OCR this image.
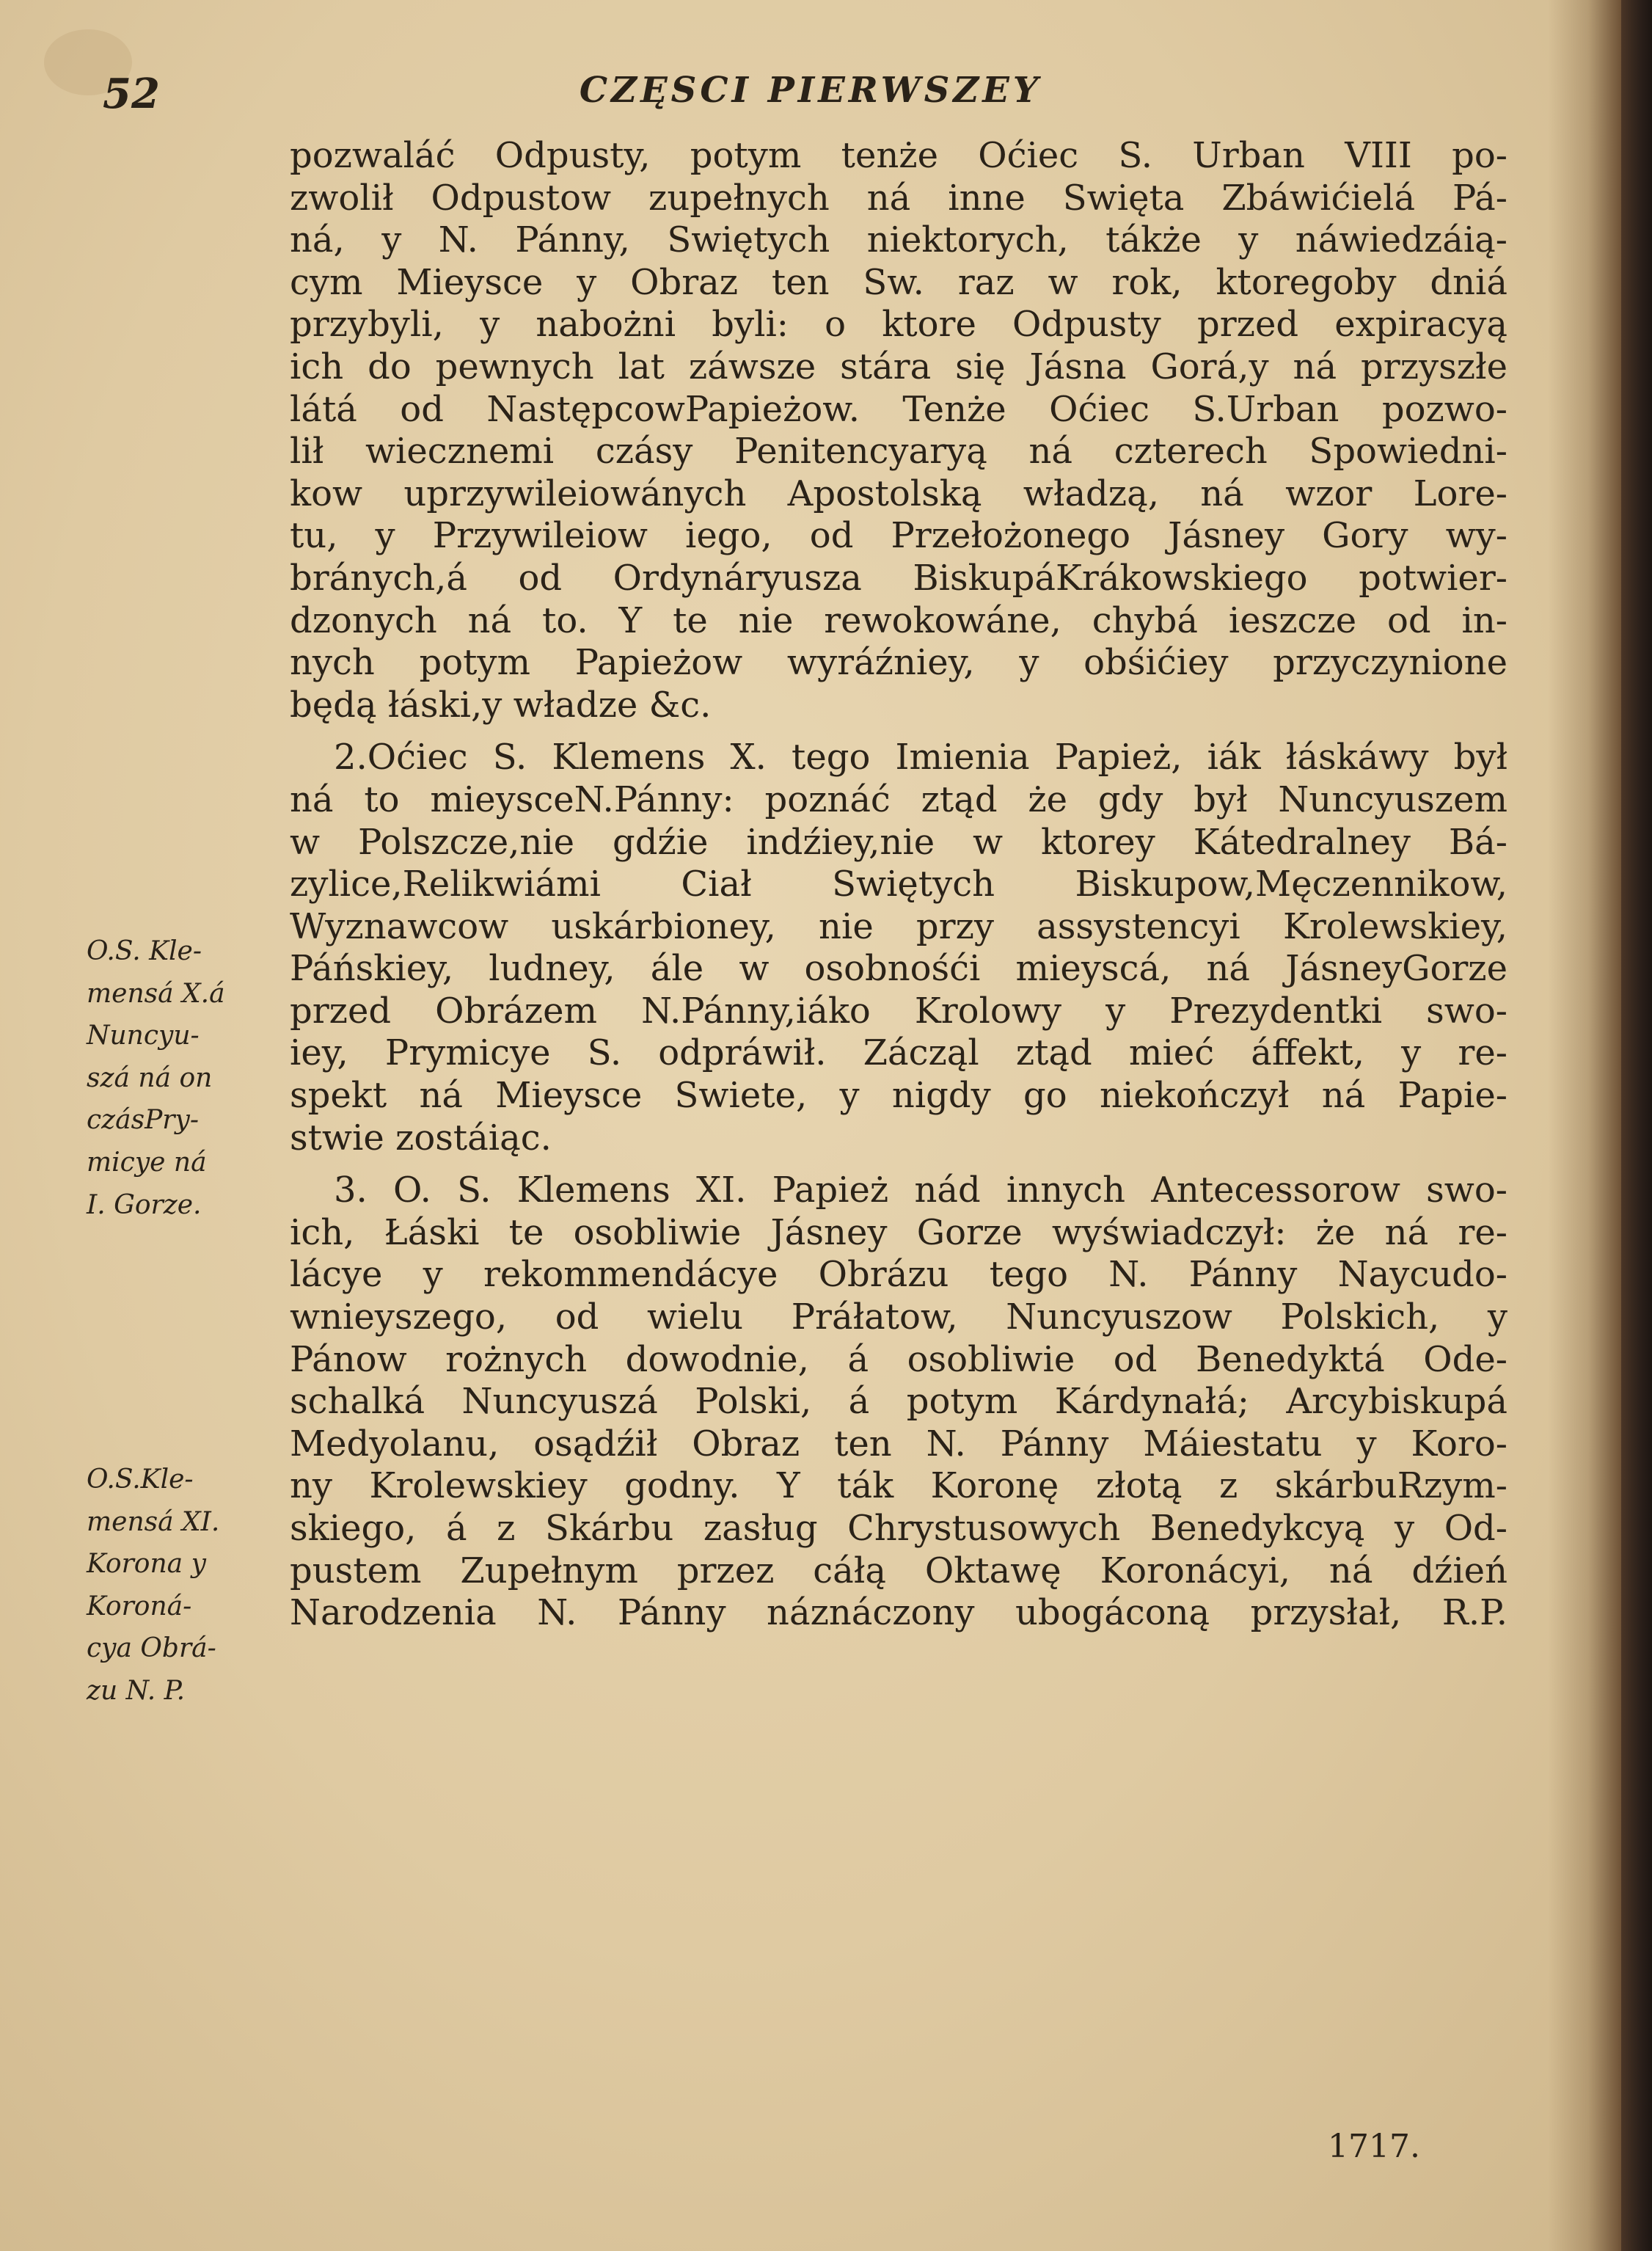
52	CZĘSCI PIERWSZEY
pozwaláć Odpusty, potym tenże Oćiec S. Urban VIII po-
zwolił Odpustow zupełnych ná inne Swięta Zbáwićielá Pá-
ná, y N. Pánny, Swiętych niektorych, tákże y náwiedzáią-
cym Mieysce y Obraz ten Sw. raz w rok, ktoregoby dniá
przybyli, y nabożni byli: o ktore Odpusty przed expiracyą
ich do pewnych lat záwsze stára się Jásna Gorá,y ná przyszłe
látá od NastępcowPapieżow. Tenże Oćiec S.Urban pozwo-
lił wiecznemi czásy Penitencyaryą ná czterech Spowiedni-
kow uprzywileiowánych Apostolską władzą, ná wzor Lore-
tu, y Przywileiow iego, od Przełożonego Jásney Gory wy-
bránych,á od Ordynáryusza BiskupáKrákowskiego potwier-
dzonych ná to. Y te nie rewokowáne, chybá ieszcze od in-
nych potym Papieżow wyráźniey, y obśićiey przyczynione
będą łáski,y władze &c.
2.Oćiec S. Klemens X. tego Imienia Papież, iák łáskáwy był
ná to mieysceN.Pánny: poznáć ztąd że gdy był Nuncyuszem
w Polszcze,nie gdźie indźiey,nie w ktorey Kátedralney Bá-
zylice,Relikwiámi Ciał Swiętych Biskupow,Męczennikow,
Wyznawcow uskárbioney, nie przy assystencyi Krolewskiey,
Páńskiey, ludney, ále w osobnośći mieyscá, ná JásneyGorze
przed Obrázem N.Pánny,iáko Krolowy y Prezydentki swo-
iey, Prymicye S. odpráwił. Zácząl ztąd mieć áffekt, y re-
spekt ná Mieysce Swiete, y nigdy go niekończył ná Papie-
stwie zostáiąc.
3. O. S. Klemens XI. Papież nád innych Antecessorow swo-
ich, Łáski te osobliwie Jásney Gorze wyświadczył: że ná re-
lácye y rekommendácye Obrázu tego N. Pánny Naycudo-
wnieyszego, od wielu Práłatow, Nuncyuszow Polskich, y
Pánow rożnych dowodnie, á osobliwie od Benedyktá Ode-
schalká Nuncyuszá Polski, á potym Kárdynałá; Arcybiskupá
Medyolanu, osądźił Obraz ten N. Pánny Máiestatu y Koro-
ny Krolewskiey godny. Y ták Koronę złotą z skárbuRzym-
skiego, á z Skárbu zasług Chrystusowych Benedykcyą y Od-
pustem Zupełnym przez cáłą Oktawę Koronácyi, ná dźień
Narodzenia N. Pánny náznáczony ubogáconą przysłał, R.P.
1717.
O.S. Kle-
mensá X.á
Nuncyu-
szá ná on
czásPry-
micye ná
I. Gorze.
O.S.Kle-
mensá XI.
Korona y
Koroná-
cya Obrá-
zu N. P.
